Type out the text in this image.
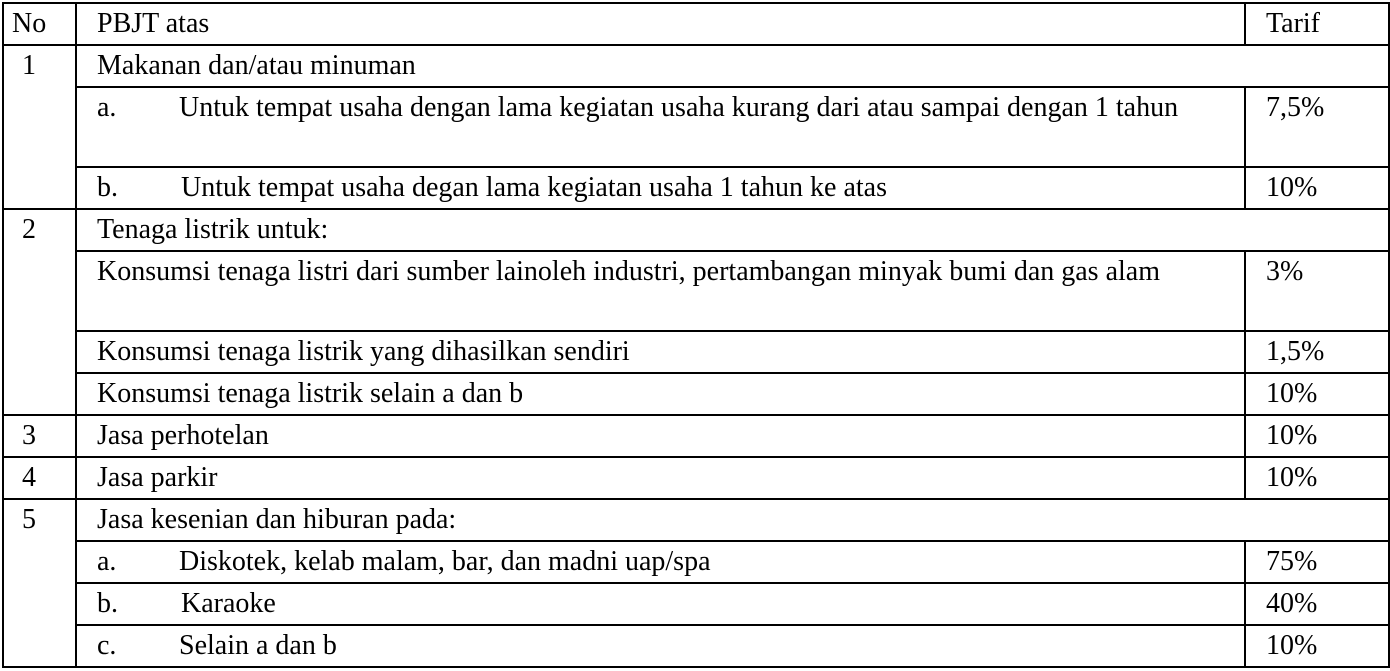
No	PBJT atas	Tarif
1	Makanan dan/atau minuman	
	a. Untuk tempat usaha dengan lama kegiatan usaha kurang dari atau sampai dengan 1 tahun	7,5%
	b. Untuk tempat usaha degan lama kegiatan usaha 1 tahun ke atas	10%
2	Tenaga listrik untuk:	
	Konsumsi tenaga listri dari sumber lainoleh industri, pertambangan minyak bumi dan gas alam	3%
	Konsumsi tenaga listrik yang dihasilkan sendiri	1,5%
	Konsumsi tenaga listrik selain a dan b	10%
3	Jasa perhotelan	10%
4	Jasa parkir	10%
5	Jasa kesenian dan hiburan pada:	
	a. Diskotek, kelab malam, bar, dan madni uap/spa	75%
	b. Karaoke	40%
	c. Selain a dan b	10%
